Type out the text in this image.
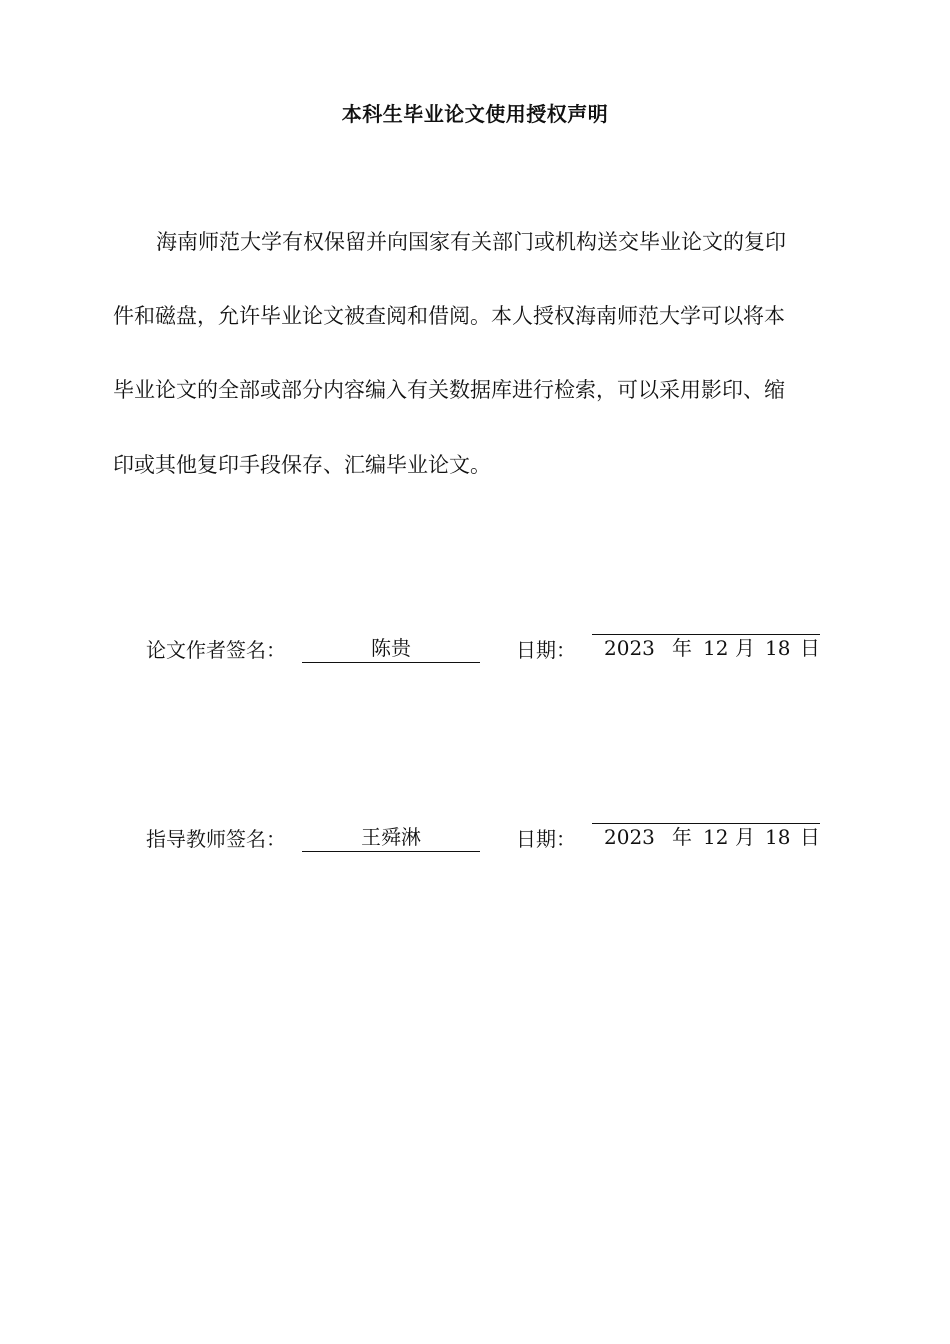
本科生毕业论文使用授权声明
海南师范大学有权保留并向国家有关部门或机构送交毕业论文的复印
件和磁盘，允许毕业论文被查阅和借阅。本人授权海南师范大学可以将本
毕业论文的全部或部分内容编入有关数据库进行检索，可以采用影印、缩
印或其他复印手段保存、汇编毕业论文。
论文作者签名：	陈贵	日期： 2023 年 12 月 18 日
指导教师签名：	王舜淋	日期： 2023 年 12 月 18 日
